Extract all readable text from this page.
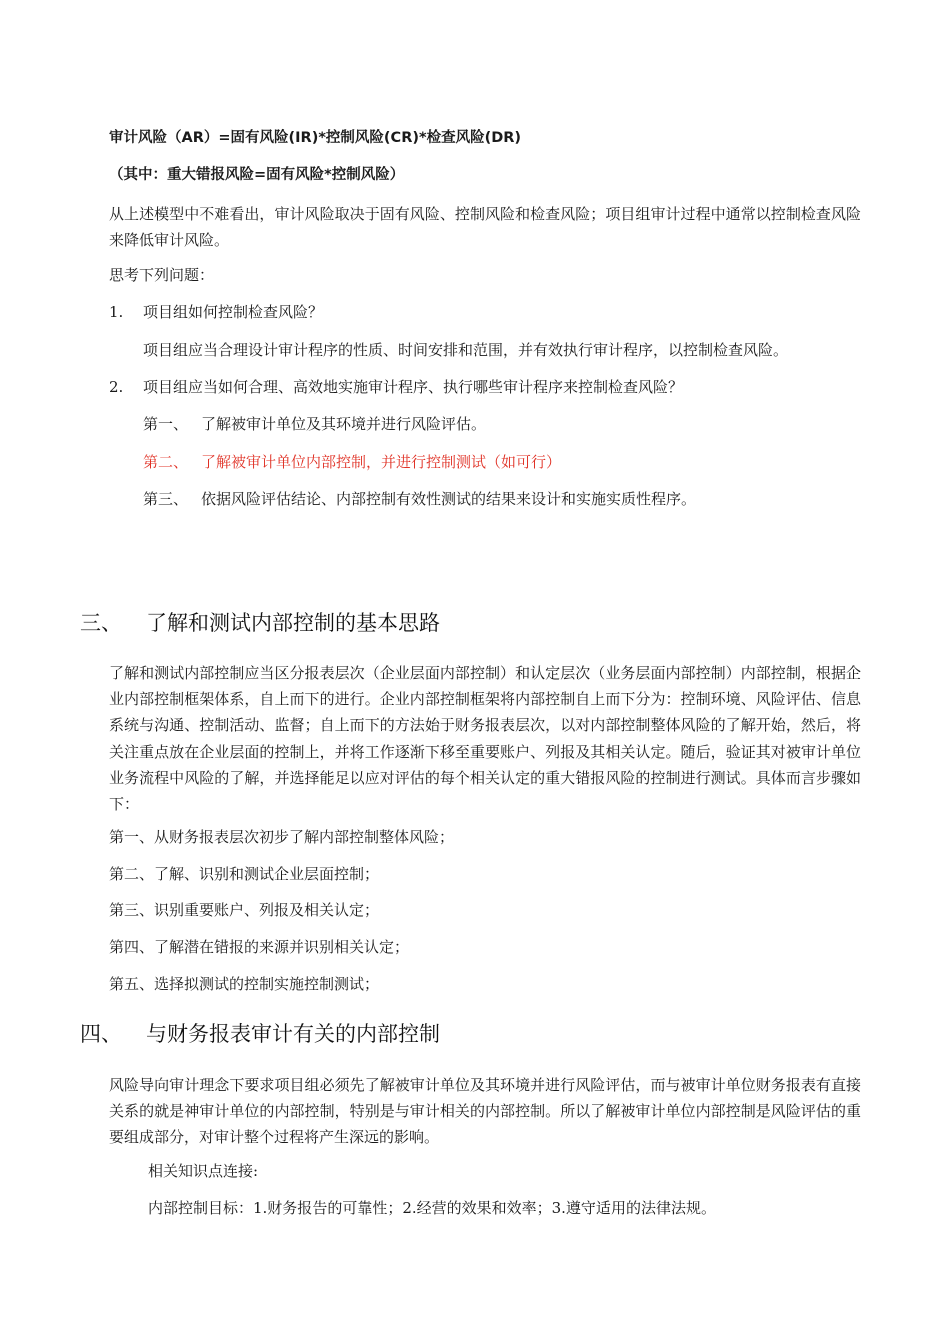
审计风险（AR）=固有风险(IR)*控制风险(CR)*检查风险(DR)
（其中：重大错报风险=固有风险*控制风险）
从上述模型中不难看出，审计风险取决于固有风险、控制风险和检查风险；项目组审计过程中通常以控制检查风险来降低审计风险。
思考下列问题：
1. 项目组如何控制检查风险？
项目组应当合理设计审计程序的性质、时间安排和范围，并有效执行审计程序，以控制检查风险。
2. 项目组应当如何合理、高效地实施审计程序、执行哪些审计程序来控制检查风险？
第一、 了解被审计单位及其环境并进行风险评估。
第二、 了解被审计单位内部控制，并进行控制测试（如可行）
第三、 依据风险评估结论、内部控制有效性测试的结果来设计和实施实质性程序。
三、 了解和测试内部控制的基本思路
了解和测试内部控制应当区分报表层次（企业层面内部控制）和认定层次（业务层面内部控制）内部控制，根据企业内部控制框架体系，自上而下的进行。企业内部控制框架将内部控制自上而下分为：控制环境、风险评估、信息系统与沟通、控制活动、监督；自上而下的方法始于财务报表层次，以对内部控制整体风险的了解开始，然后，将关注重点放在企业层面的控制上，并将工作逐渐下移至重要账户、列报及其相关认定。随后，验证其对被审计单位业务流程中风险的了解，并选择能足以应对评估的每个相关认定的重大错报风险的控制进行测试。具体而言步骤如下：
第一、从财务报表层次初步了解内部控制整体风险；
第二、了解、识别和测试企业层面控制；
第三、识别重要账户、列报及相关认定；
第四、了解潜在错报的来源并识别相关认定；
第五、选择拟测试的控制实施控制测试；
四、 与财务报表审计有关的内部控制
风险导向审计理念下要求项目组必须先了解被审计单位及其环境并进行风险评估，而与被审计单位财务报表有直接关系的就是神审计单位的内部控制，特别是与审计相关的内部控制。所以了解被审计单位内部控制是风险评估的重要组成部分，对审计整个过程将产生深远的影响。
相关知识点连接:
内部控制目标：1.财务报告的可靠性；2.经营的效果和效率；3.遵守适用的法律法规。
